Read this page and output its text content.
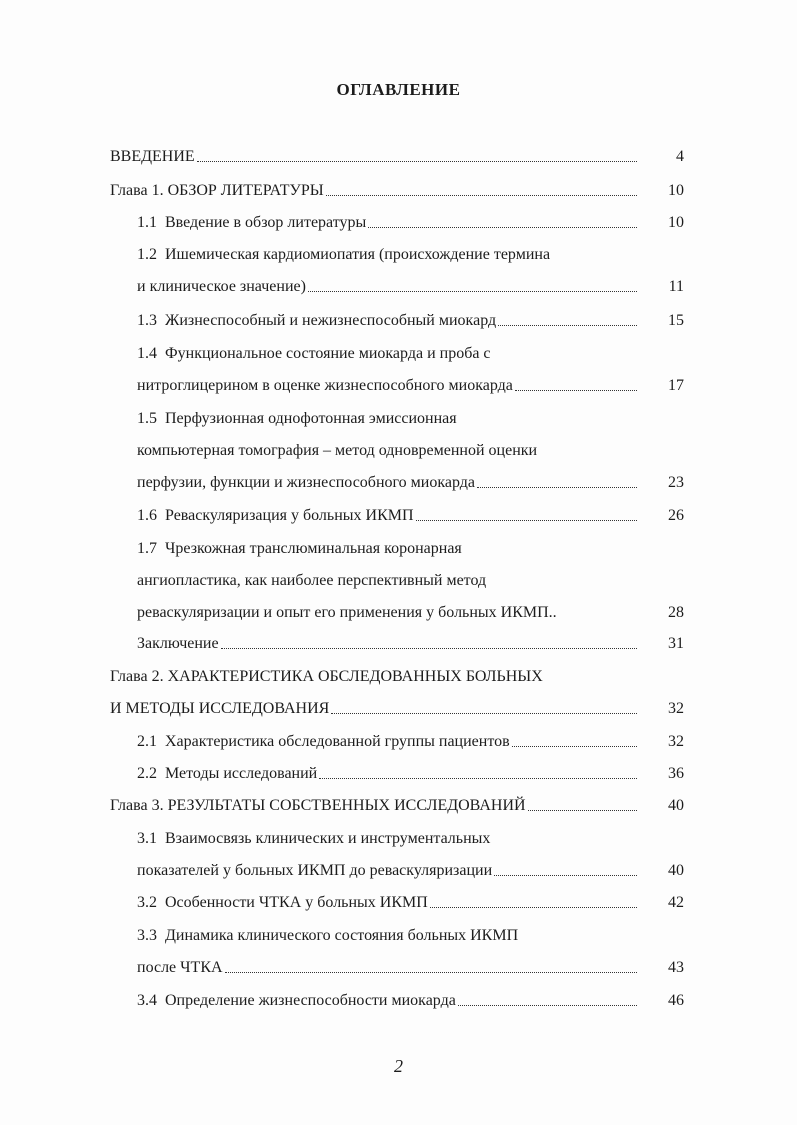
ОГЛАВЛЕНИЕ
ВВЕДЕНИЕ	4
Глава 1. ОБЗОР ЛИТЕРАТУРЫ	10
1.1 Введение в обзор литературы	10
1.2 Ишемическая кардиомиопатия (происхождение термина
и клиническое значение)	11
1.3 Жизнеспособный и нежизнеспособный миокард	15
1.4 Функциональное состояние миокарда и проба с
нитроглицерином в оценке жизнеспособного миокарда	17
1.5 Перфузионная однофотонная эмиссионная
компьютерная томография – метод одновременной оценки
перфузии, функции и жизнеспособного миокарда	23
1.6 Реваскуляризация у больных ИКМП	26
1.7 Чрезкожная транслюминальная коронарная
ангиопластика, как наиболее перспективный метод
реваскуляризации и опыт его применения у больных ИКМП..	28
Заключение	31
Глава 2. ХАРАКТЕРИСТИКА ОБСЛЕДОВАННЫХ БОЛЬНЫХ
И МЕТОДЫ ИССЛЕДОВАНИЯ	32
2.1 Характеристика обследованной группы пациентов	32
2.2 Методы исследований	36
Глава 3. РЕЗУЛЬТАТЫ СОБСТВЕННЫХ ИССЛЕДОВАНИЙ	40
3.1 Взаимосвязь клинических и инструментальных
показателей у больных ИКМП до реваскуляризации	40
3.2 Особенности ЧТКА у больных ИКМП	42
3.3 Динамика клинического состояния больных ИКМП
после ЧТКА	43
3.4 Определение жизнеспособности миокарда	46
2
